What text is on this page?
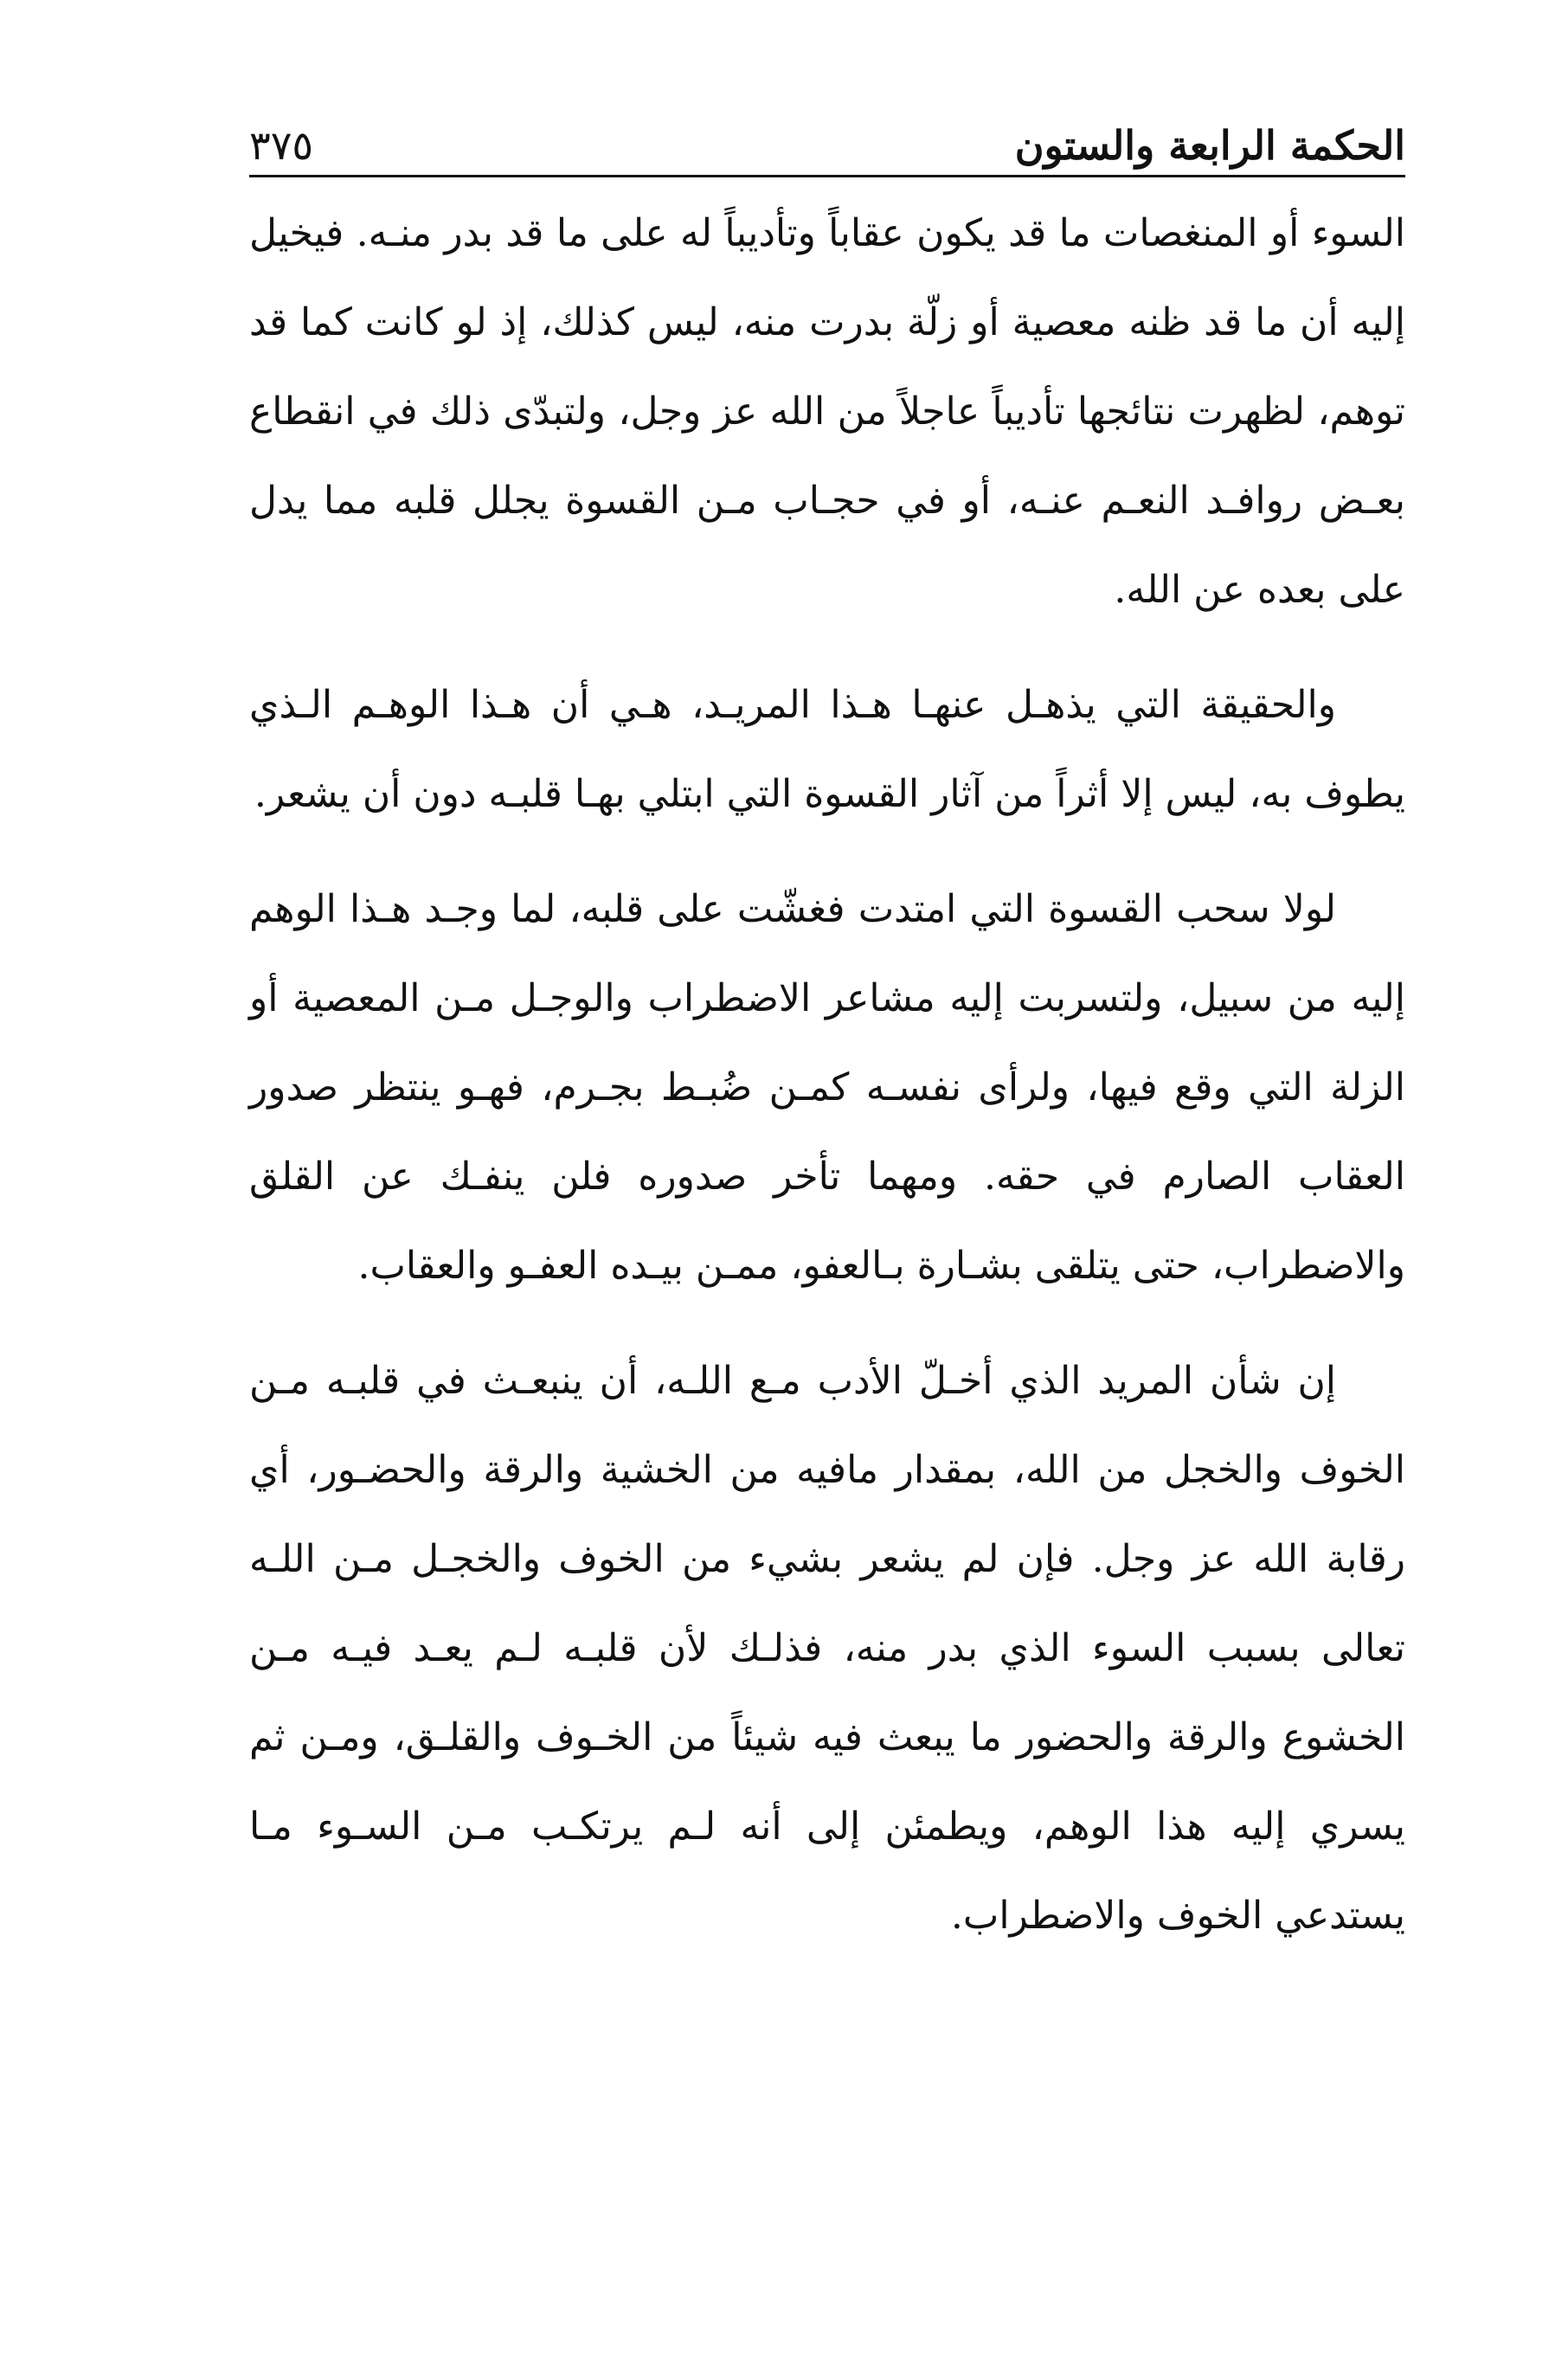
الحكمة الرابعة والستون
٣٧٥

السوء أو المنغصات ما قد يكون عقاباً وتأديباً له على ما قد بدر منـه. فيخيل إليه أن ما قد ظنه معصية أو زلّة بدرت منه، ليس كذلك، إذ لو كانت كما قد توهم، لظهرت نتائجها تأديباً عاجلاً من الله عز وجل، ولتبدّى ذلك في انقطاع بعـض روافـد النعـم عنـه، أو في حجـاب مـن القسوة يجلل قلبه مما يدل على بعده عن الله.

والحقيقة التي يذهـل عنهـا هـذا المريـد، هـي أن هـذا الوهـم الـذي يطوف به، ليس إلا أثراً من آثار القسوة التي ابتلي بهـا قلبـه دون أن يشعر.

لولا سحب القسوة التي امتدت فغشّت على قلبه، لما وجـد هـذا الوهم إليه من سبيل، ولتسربت إليه مشاعر الاضطراب والوجـل مـن المعصية أو الزلة التي وقع فيها، ولرأى نفسـه كمـن ضُبـط بجـرم، فهـو ينتظر صدور العقاب الصارم في حقه. ومهما تأخر صدوره فلن ينفـك عن القلق والاضطراب، حتى يتلقى بشـارة بـالعفو، ممـن بيـده العفـو والعقاب.

إن شأن المريد الذي أخـلّ الأدب مـع اللـه، أن ينبعـث في قلبـه مـن الخوف والخجل من الله، بمقدار مافيه من الخشية والرقة والحضـور، أي رقابة الله عز وجل. فإن لم يشعر بشيء من الخوف والخجـل مـن اللـه تعالى بسبب السوء الذي بدر منه، فذلـك لأن قلبـه لـم يعـد فيـه مـن الخشوع والرقة والحضور ما يبعث فيه شيئاً من الخـوف والقلـق، ومـن ثم يسري إليه هذا الوهم، ويطمئن إلى أنه لـم يرتكـب مـن السـوء مـا يستدعي الخوف والاضطراب.
